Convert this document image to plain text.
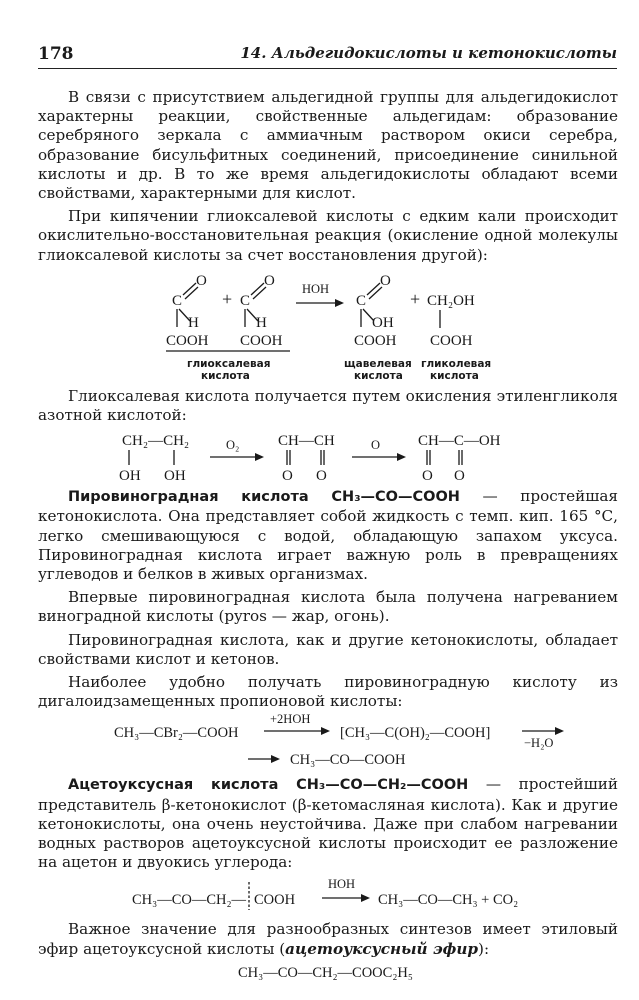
178	14. Альдегидокислоты и кетонокислоты

В связи с присутствием альдегидной группы для альдегидокислот характерны реакции, свойственные альдегидам: образование серебряного зеркала с аммиачным раствором окиси серебра, образование бисульфитных соединений, присоединение синильной кислоты и др. В то же время альдегидокислоты обладают всеми свойствами, характерными для кислот.

При кипячении глиоксалевой кислоты с едким кали происходит окислительно-восстановительная реакция (окисление одной молекулы глиоксалевой кислоты за счет восстановления другой):

C
O
H
COOH
+ C
O
H
COOH
HOH
C
O
OH
COOH
+ CH₂OH
COOH
глиоксалевая
кислота
щавелевая
кислота
гликолевая
кислота

Глиоксалевая кислота получается путем окисления этиленгликоля азотной кислотой:

CH₂—CH₂
OH OH
O₂	CH—CH
O O
O	CH—C—OH
O O

Пировиноградная кислота CH₃—CO—COOH — простейшая кетонокислота. Она представляет собой жидкость с темп. кип. 165 °С, легко смешивающуюся с водой, обладающую запахом уксуса. Пировиноградная кислота играет важную роль в превращениях углеводов и белков в живых организмах.

Впервые пировиноградная кислота была получена нагреванием виноградной кислоты (pyros — жар, огонь).

Пировиноградная кислота, как и другие кетонокислоты, обладает свойствами кислот и кетонов.

Наиболее удобно получать пировиноградную кислоту из дигалоидзамещенных пропионовой кислоты:

CH₃—CBr₂—COOH
+2HOH
[CH₃—C(OH)₂—COOH]
−H₂O
CH₃—CO—COOH

Ацетоуксусная кислота CH₃—CO—CH₂—COOH — простейший представитель β-кетонокислот (β-кетомасляная кислота). Как и другие кетонокислоты, она очень неустойчива. Даже при слабом нагревании водных растворов ацетоуксусной кислоты происходит ее разложение на ацетон и двуокись углерода:

CH₃—CO—CH₂— COOH
HOH
CH₃—CO—CH₃ + CO₂

Важное значение для разнообразных синтезов имеет этиловый эфир ацетоуксусной кислоты (ацетоуксусный эфир):

CH₃—CO—CH₂—COOC₂H₅
